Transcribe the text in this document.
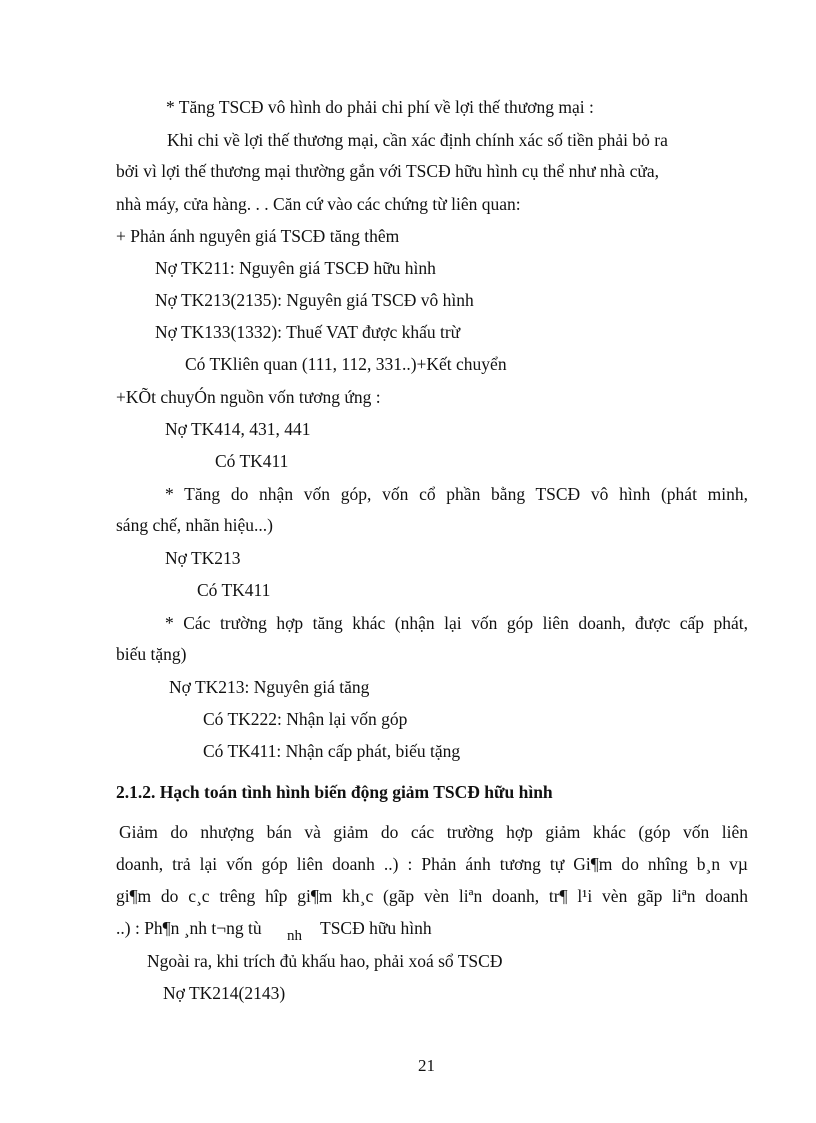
* Tăng TSCĐ vô hình do phải chi phí về lợi thế thương mại :
Khi chi về lợi thế thương mại, cần xác định chính xác số tiền phải bỏ ra
bởi vì lợi thế thương mại thường gắn với TSCĐ hữu hình cụ thể như nhà cửa,
nhà máy, cửa hàng. . . Căn cứ vào các chứng từ liên quan:
+ Phản ánh nguyên giá TSCĐ tăng thêm
Nợ TK211: Nguyên giá TSCĐ hữu hình
Nợ TK213(2135): Nguyên giá TSCĐ vô hình
Nợ TK133(1332): Thuế VAT được khấu trừ
Có TKliên quan (111, 112, 331..)+Kết chuyển
+KÕt chuyÓn nguồn vốn tương ứng :
Nợ TK414, 431, 441
Có TK411
* Tăng do nhận vốn góp, vốn cổ phần bằng TSCĐ vô hình (phát minh,
sáng chế, nhãn hiệu...)
Nợ TK213
Có TK411
* Các trường hợp tăng khác (nhận lại vốn góp liên doanh, được cấp phát,
biếu tặng)
Nợ TK213: Nguyên giá tăng
Có TK222: Nhận lại vốn góp
Có TK411: Nhận cấp phát, biếu tặng
2.1.2. Hạch toán tình hình biến động giảm TSCĐ hữu hình
Giảm do nhượng bán và giảm do các trường hợp giảm khác (góp vốn liên
doanh, trả lại vốn góp liên doanh ..) : Phản ánh tương tự Gi¶m do nhîng b¸n vµ
gi¶m do c¸c trêng hîp gi¶m kh¸c (gãp vèn liªn doanh, tr¶ l¹i vèn gãp liªn doanh
..) : Ph¶n ¸nh t¬ng tù nh TSCĐ hữu hình
Ngoài ra, khi trích đủ khấu hao, phải xoá sổ TSCĐ
Nợ TK214(2143)
21
